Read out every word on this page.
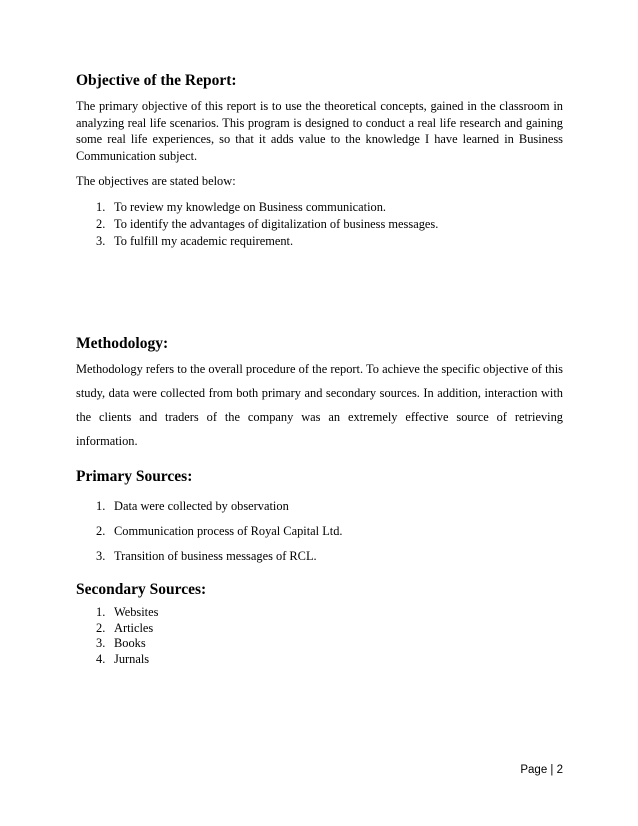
Objective of the Report:

The primary objective of this report is to use the theoretical concepts, gained in the classroom in analyzing real life scenarios. This program is designed to conduct a real life research and gaining some real life experiences, so that it adds value to the knowledge I have learned in Business Communication subject.

The objectives are stated below:

1. To review my knowledge on Business communication.
2. To identify the advantages of digitalization of business messages.
3. To fulfill my academic requirement.
Methodology:

Methodology refers to the overall procedure of the report. To achieve the specific objective of this study, data were collected from both primary and secondary sources. In addition, interaction with the clients and traders of the company was an extremely effective source of retrieving information.

Primary Sources:
1. Data were collected by observation
2. Communication process of Royal Capital Ltd.
3. Transition of business messages of RCL.
Secondary Sources:
1. Websites
2. Articles
3. Books
4. Jurnals
Page | 2
